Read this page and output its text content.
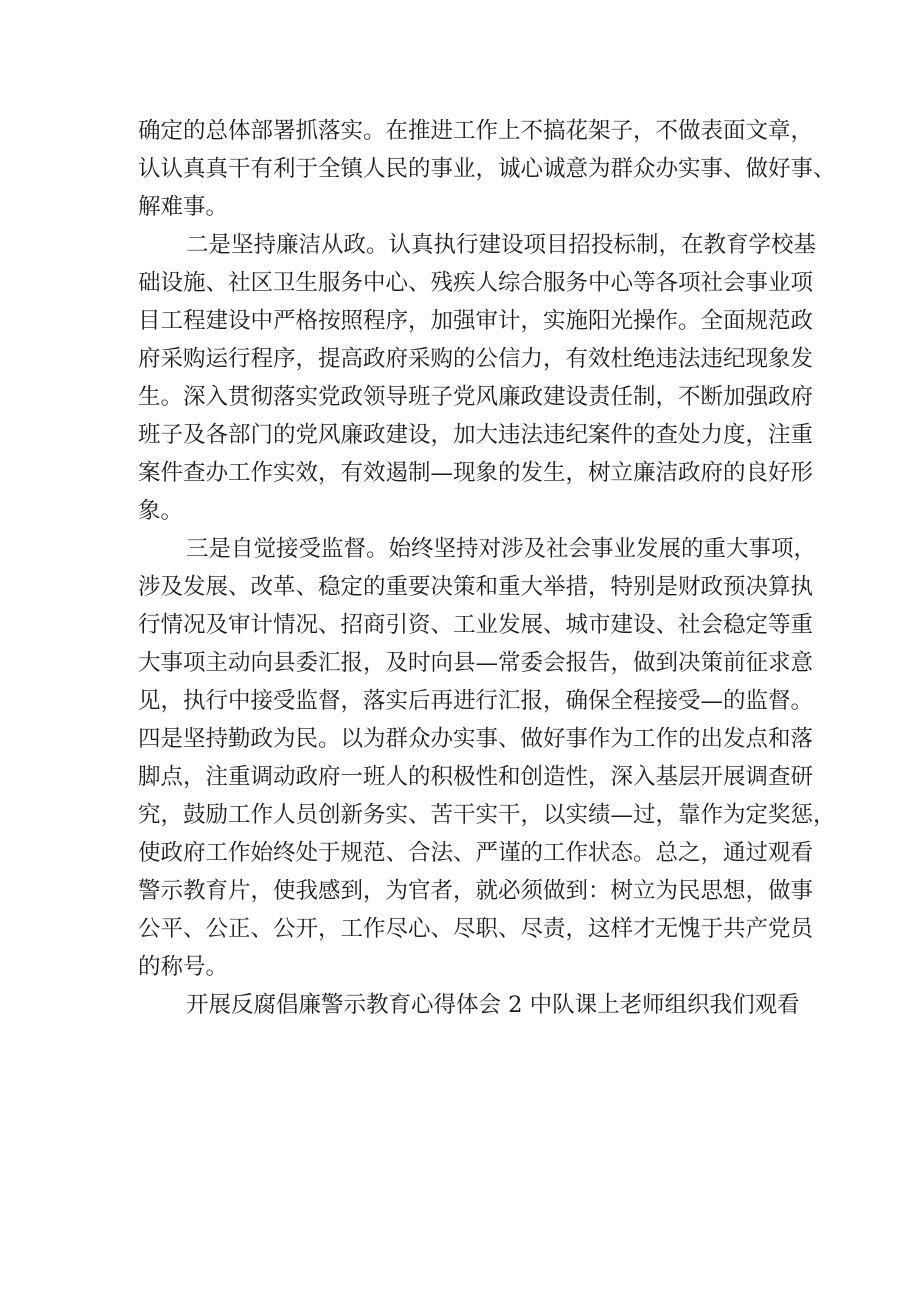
确定的总体部署抓落实。在推进工作上不搞花架子，不做表面文章，

认认真真干有利于全镇人民的事业，诚心诚意为群众办实事、做好事、

解难事。

二是坚持廉洁从政。认真执行建设项目招投标制，在教育学校基

础设施、社区卫生服务中心、残疾人综合服务中心等各项社会事业项

目工程建设中严格按照程序，加强审计，实施阳光操作。全面规范政

府采购运行程序，提高政府采购的公信力，有效杜绝违法违纪现象发

生。深入贯彻落实党政领导班子党风廉政建设责任制，不断加强政府

班子及各部门的党风廉政建设，加大违法违纪案件的查处力度，注重

案件查办工作实效，有效遏制—现象的发生，树立廉洁政府的良好形

象。

三是自觉接受监督。始终坚持对涉及社会事业发展的重大事项，

涉及发展、改革、稳定的重要决策和重大举措，特别是财政预决算执

行情况及审计情况、招商引资、工业发展、城市建设、社会稳定等重

大事项主动向县委汇报，及时向县—常委会报告，做到决策前征求意

见，执行中接受监督，落实后再进行汇报，确保全程接受—的监督。

四是坚持勤政为民。以为群众办实事、做好事作为工作的出发点和落

脚点，注重调动政府一班人的积极性和创造性，深入基层开展调查研

究，鼓励工作人员创新务实、苦干实干，以实绩—过，靠作为定奖惩，

使政府工作始终处于规范、合法、严谨的工作状态。总之，通过观看

警示教育片，使我感到，为官者，就必须做到：树立为民思想，做事

公平、公正、公开，工作尽心、尽职、尽责，这样才无愧于共产党员

的称号。

开展反腐倡廉警示教育心得体会 2 中队课上老师组织我们观看
